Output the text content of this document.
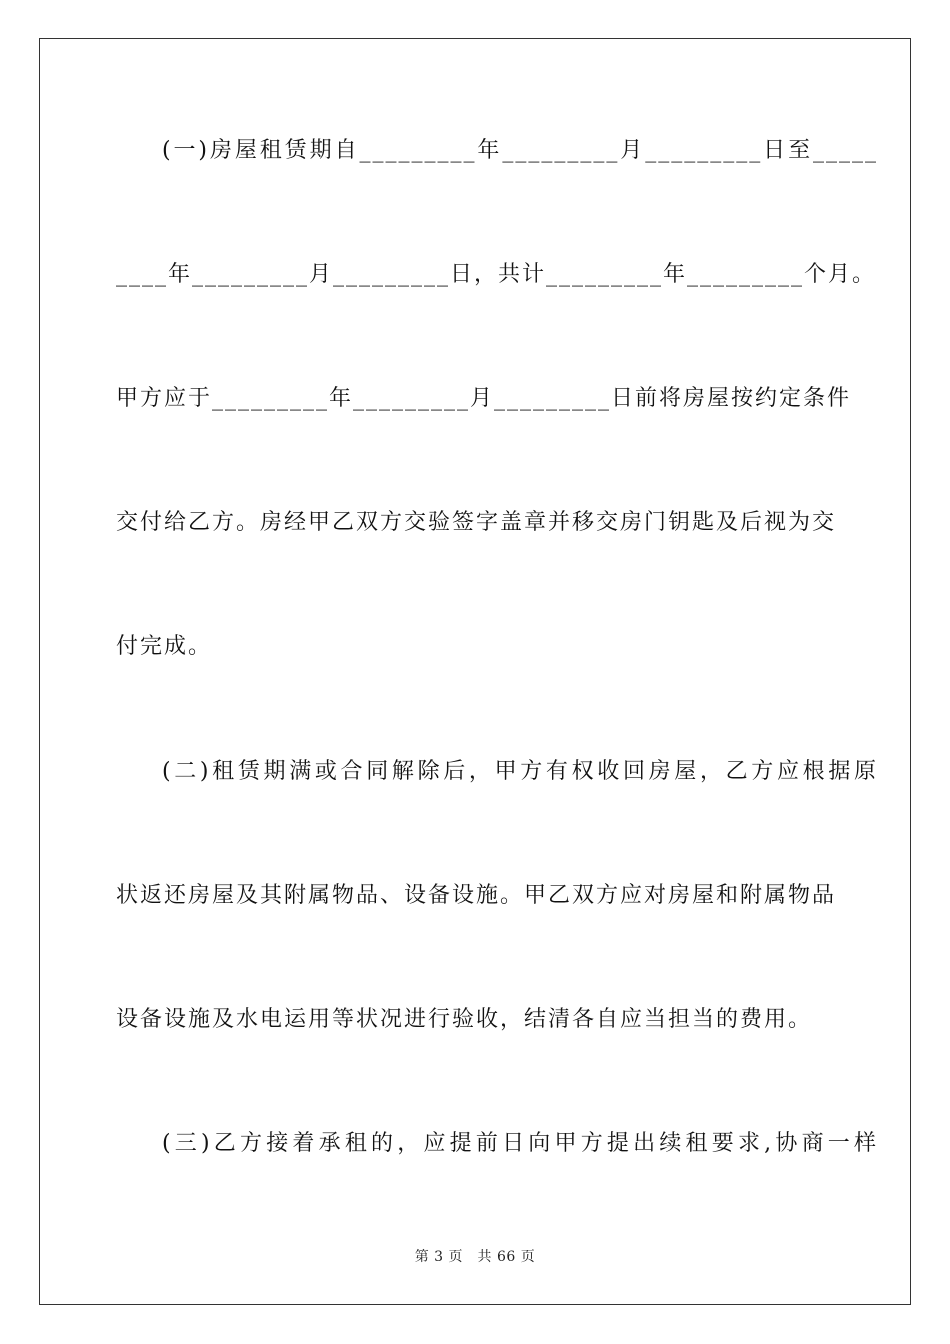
(一)房屋租赁期自_________年_________月_________日至_____
____年_________月_________日，共计_________年_________个月。
甲方应于_________年_________月_________日前将房屋按约定条件
交付给乙方。房经甲乙双方交验签字盖章并移交房门钥匙及后视为交
付完成。
(二)租赁期满或合同解除后，甲方有权收回房屋，乙方应根据原
状返还房屋及其附属物品、设备设施。甲乙双方应对房屋和附属物品
设备设施及水电运用等状况进行验收，结清各自应当担当的费用。
(三)乙方接着承租的，应提前日向甲方提出续租要求,协商一样
第 3 页　共 66 页
